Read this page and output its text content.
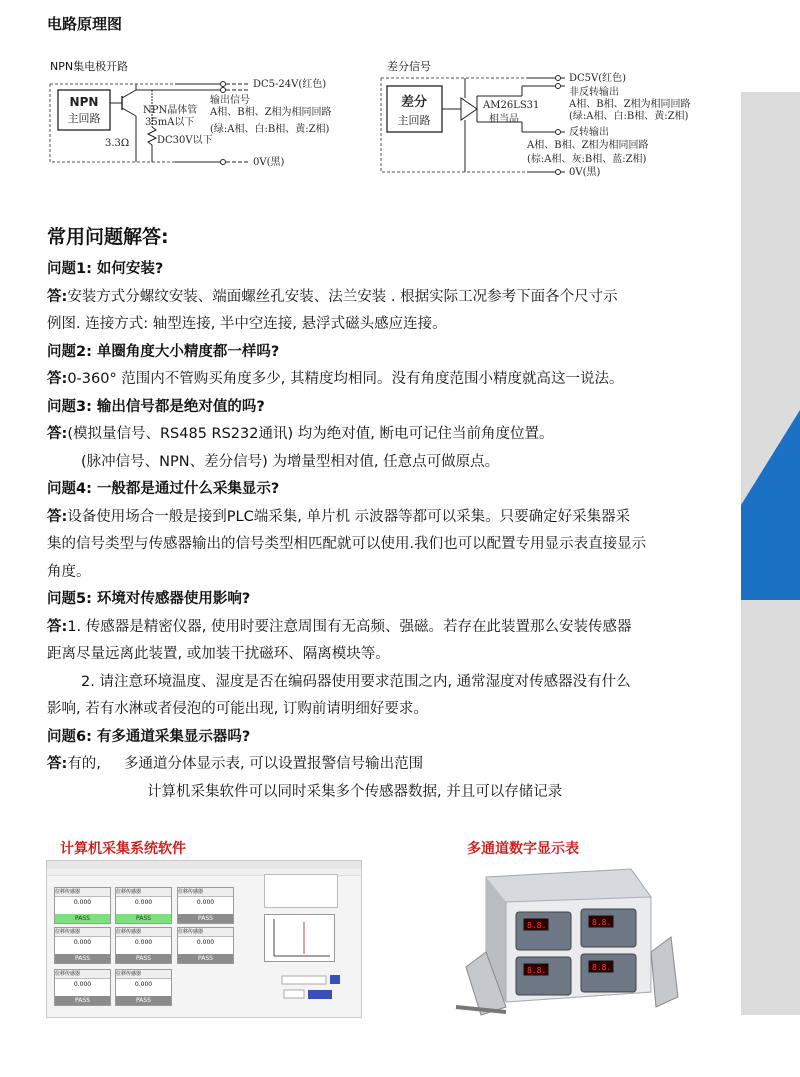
电路原理图
NPN集电极开路
NPN
主回路
NPN晶体管
35mA以下
3.3Ω	DC30V以下
DC5-24V(红色)
输出信号
A相、B相、Z相为相同回路
(绿:A相、白:B相、黄:Z相)
0V(黑)
差分信号
差分
主回路
AM26LS31
相当品
DC5V(红色)
非反转输出
A相、B相、Z相为相同回路
(绿:A相、白:B相、黄:Z相)
反转输出
A相、B相、Z相为相同回路
(棕:A相、灰:B相、蓝:Z相)
0V(黑)
常用问题解答:
问题1: 如何安装?
答:安装方式分螺纹安装、端面螺丝孔安装、法兰安装 . 根据实际工况参考下面各个尺寸示
例图. 连接方式: 轴型连接, 半中空连接, 悬浮式磁头感应连接。
问题2: 单圈角度大小精度都一样吗?
答:0-360° 范围内不管购买角度多少, 其精度均相同。没有角度范围小精度就高这一说法。
问题3: 输出信号都是绝对值的吗?
答:(模拟量信号、RS485 RS232通讯) 均为绝对值, 断电可记住当前角度位置。
(脉冲信号、NPN、差分信号) 为增量型相对值, 任意点可做原点。
问题4: 一般都是通过什么采集显示?
答:设备使用场合一般是接到PLC端采集, 单片机 示波器等都可以采集。只要确定好采集器采
集的信号类型与传感器输出的信号类型相匹配就可以使用.我们也可以配置专用显示表直接显示
角度。
问题5: 环境对传感器使用影响?
答:1. 传感器是精密仪器, 使用时要注意周围有无高频、强磁。若存在此装置那么安装传感器
距离尽量远离此装置, 或加装干扰磁环、隔离模块等。
2. 请注意环境温度、湿度是否在编码器使用要求范围之内, 通常湿度对传感器没有什么
影响, 若有水淋或者侵泡的可能出现, 订购前请明细好要求。
问题6: 有多通道采集显示器吗?
答:有的,     多通道分体显示表, 可以设置报警信号输出范围
计算机采集软件可以同时采集多个传感器数据, 并且可以存储记录
计算机采集系统软件	多通道数字显示表
位移传感器
0.000
PASS
位移传感器
0.000
PASS
位移传感器
0.000
PASS
位移传感器
0.000
PASS
位移传感器
0.000
PASS
位移传感器
0.000
PASS
位移传感器
0.000
PASS
位移传感器
0.000
PASS
8.8.	8.8.
8.8.	8.8.
